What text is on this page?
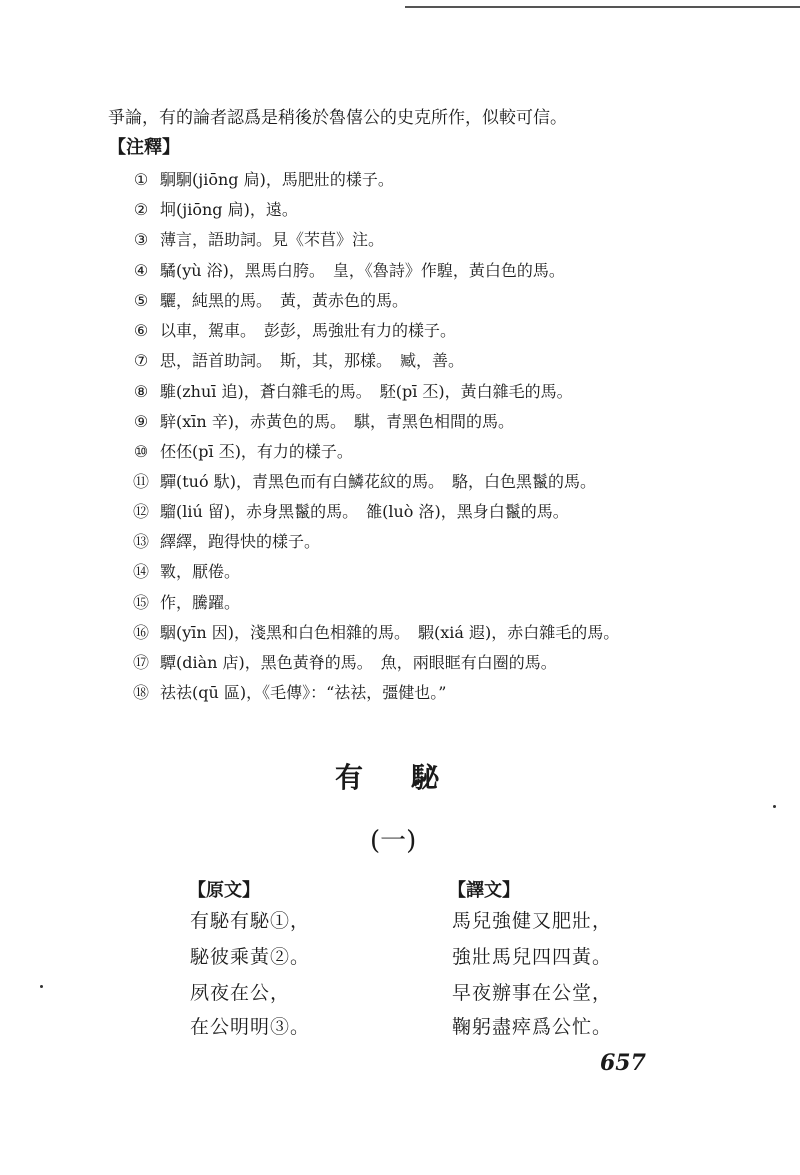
爭論，有的論者認爲是稍後於魯僖公的史克所作，似較可信。
【注釋】
① 駉駉(jiōng 扃)，馬肥壯的樣子。
② 坰(jiōng 扃)，遠。
③ 薄言，語助詞。見《芣苢》注。
④ 驈(yù 浴)，黑馬白胯。　皇，《魯詩》作騜，黃白色的馬。
⑤ 驪，純黑的馬。　黃，黃赤色的馬。
⑥ 以車，駕車。　彭彭，馬強壯有力的樣子。
⑦ 思，語首助詞。　斯，其，那樣。　臧，善。
⑧ 騅(zhuī 追)，蒼白雜毛的馬。　駓(pī 丕)，黃白雜毛的馬。
⑨ 騂(xīn 辛)，赤黃色的馬。　騏，青黑色相間的馬。
⑩ 伾伾(pī 丕)，有力的樣子。
⑪ 驒(tuó 馱)，青黑色而有白鱗花紋的馬。　駱，白色黑鬣的馬。
⑫ 騮(liú 留)，赤身黑鬣的馬。　雒(luò 洛)，黑身白鬣的馬。
⑬ 繹繹，跑得快的樣子。
⑭ 斁，厭倦。
⑮ 作，騰躍。
⑯ 駰(yīn 因)，淺黑和白色相雜的馬。　騢(xiá 遐)，赤白雜毛的馬。
⑰ 驔(diàn 店)，黑色黃脊的馬。　魚，兩眼眶有白圈的馬。
⑱ 祛祛(qū 區)，《毛傳》：“祛祛，彊健也。”
有駜
(一)
【原文】	【譯文】
有駜有駜①，
駜彼乘黃②。
夙夜在公，
在公明明③。
馬兒強健又肥壯，
強壯馬兒四四黃。
早夜辦事在公堂，
鞠躬盡瘁爲公忙。
657
